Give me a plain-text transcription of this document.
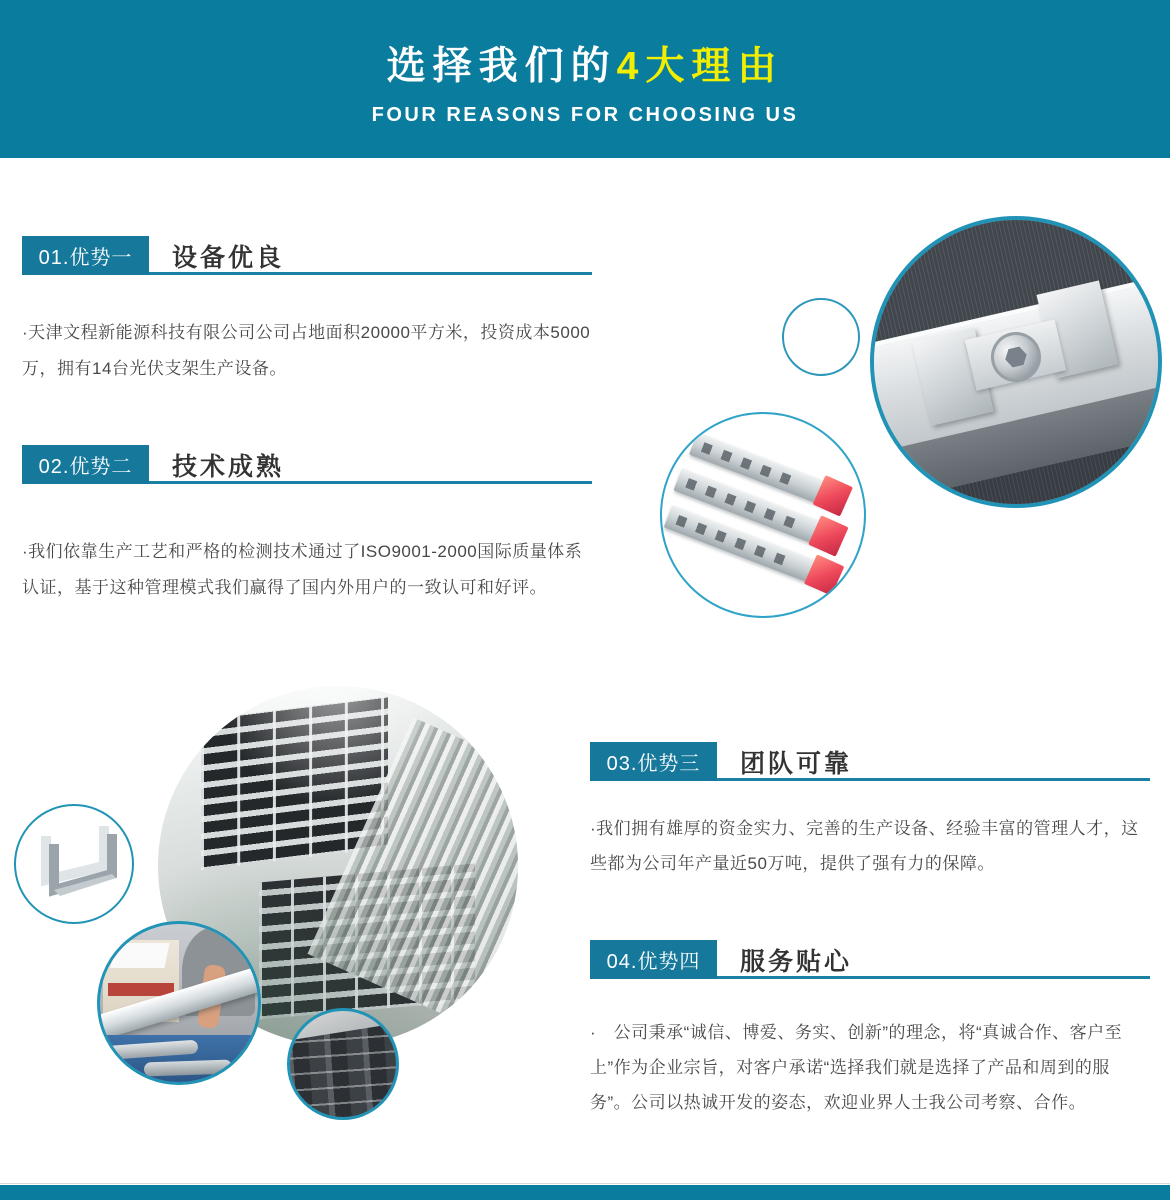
选择我们的4大理由
FOUR REASONS FOR CHOOSING US
01.优势一	设备优良
·天津文程新能源科技有限公司公司占地面积20000平方米，投资成本5000万，拥有14台光伏支架生产设备。
02.优势二	技术成熟
·我们依靠生产工艺和严格的检测技术通过了ISO9001-2000国际质量体系认证，基于这种管理模式我们赢得了国内外用户的一致认可和好评。
03.优势三	团队可靠
·我们拥有雄厚的资金实力、完善的生产设备、经验丰富的管理人才，这些都为公司年产量近50万吨，提供了强有力的保障。
04.优势四	服务贴心
·　公司秉承“诚信、博爱、务实、创新”的理念，将“真诚合作、客户至上”作为企业宗旨，对客户承诺“选择我们就是选择了产品和周到的服务”。公司以热诚开发的姿态，欢迎业界人士我公司考察、合作。
